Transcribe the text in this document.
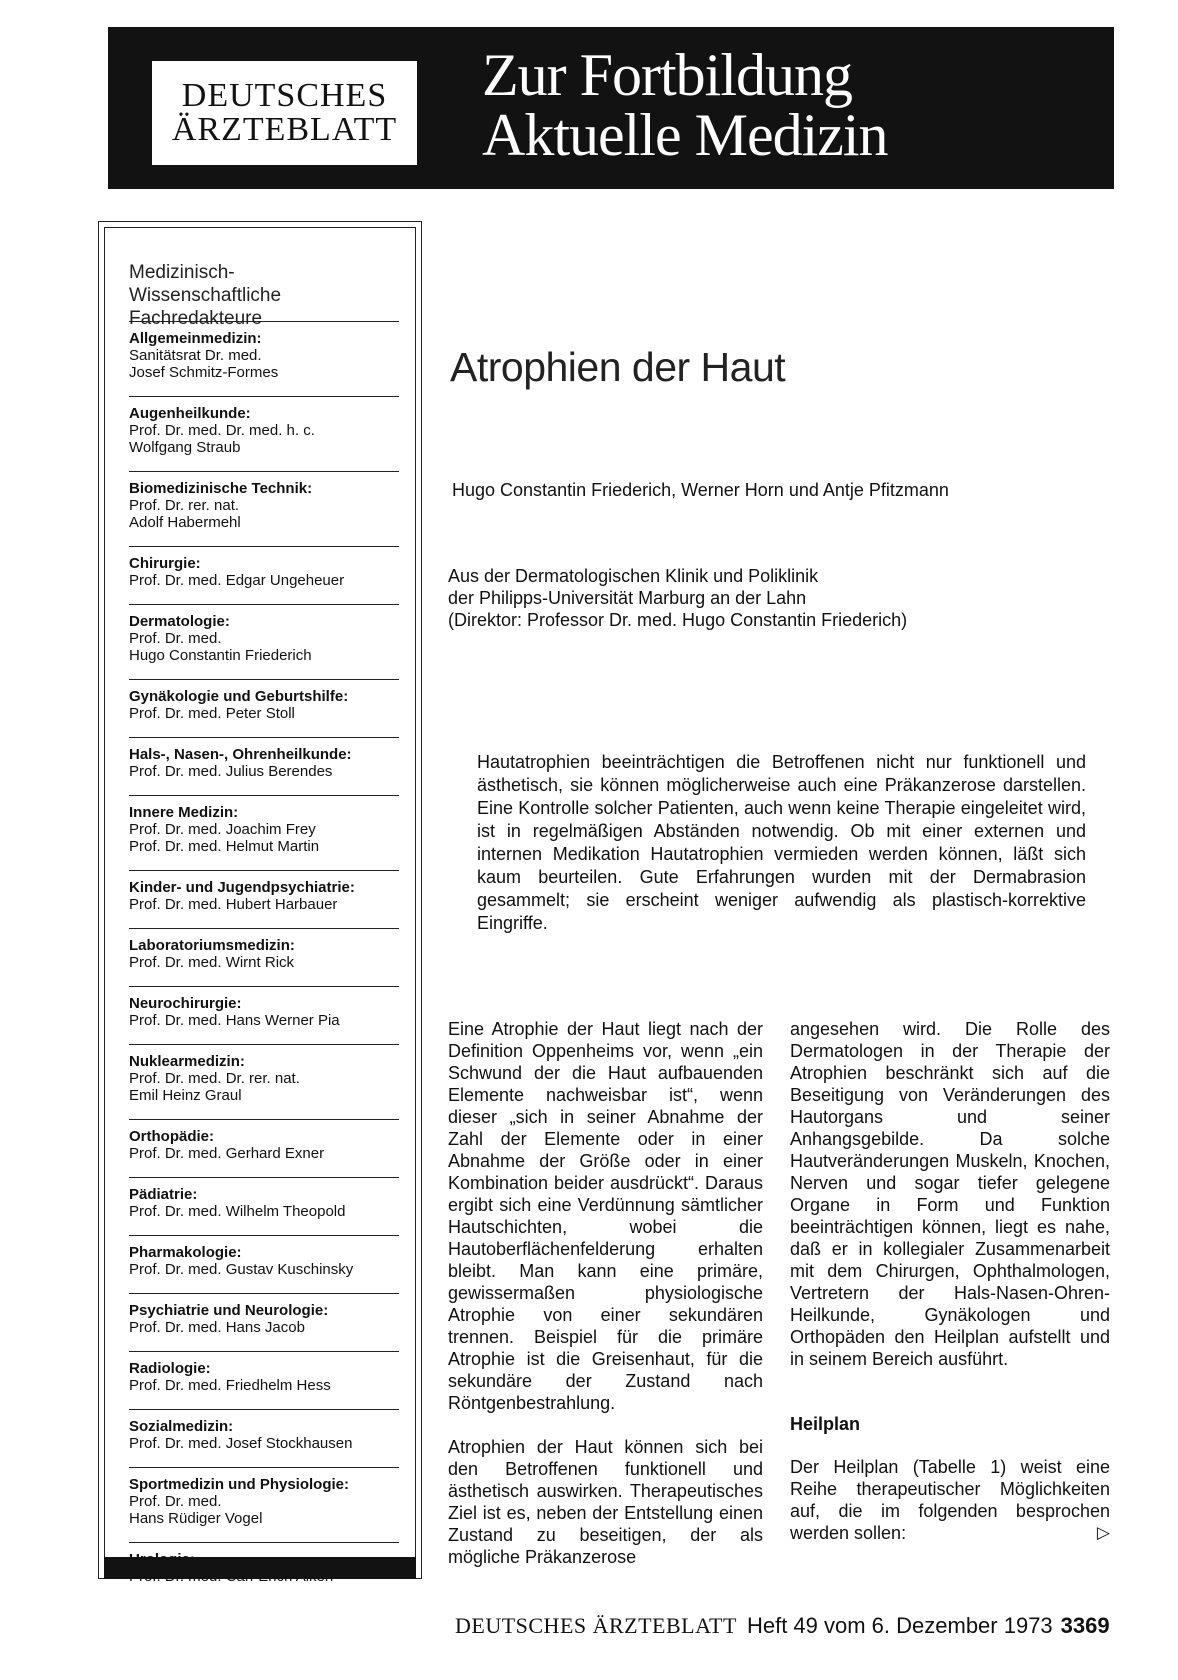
DEUTSCHES
ÄRZTEBLATT
Zur Fortbildung
Aktuelle Medizin
Medizinisch-
Wissenschaftliche
Fachredakteure
Allgemeinmedizin:
Sanitätsrat Dr. med.
Josef Schmitz-Formes
Augenheilkunde:
Prof. Dr. med. Dr. med. h. c.
Wolfgang Straub
Biomedizinische Technik:
Prof. Dr. rer. nat.
Adolf Habermehl
Chirurgie:
Prof. Dr. med. Edgar Ungeheuer
Dermatologie:
Prof. Dr. med.
Hugo Constantin Friederich
Gynäkologie und Geburtshilfe:
Prof. Dr. med. Peter Stoll
Hals-, Nasen-, Ohrenheilkunde:
Prof. Dr. med. Julius Berendes
Innere Medizin:
Prof. Dr. med. Joachim Frey
Prof. Dr. med. Helmut Martin
Kinder- und Jugendpsychiatrie:
Prof. Dr. med. Hubert Harbauer
Laboratoriumsmedizin:
Prof. Dr. med. Wirnt Rick
Neurochirurgie:
Prof. Dr. med. Hans Werner Pia
Nuklearmedizin:
Prof. Dr. med. Dr. rer. nat.
Emil Heinz Graul
Orthopädie:
Prof. Dr. med. Gerhard Exner
Pädiatrie:
Prof. Dr. med. Wilhelm Theopold
Pharmakologie:
Prof. Dr. med. Gustav Kuschinsky
Psychiatrie und Neurologie:
Prof. Dr. med. Hans Jacob
Radiologie:
Prof. Dr. med. Friedhelm Hess
Sozialmedizin:
Prof. Dr. med. Josef Stockhausen
Sportmedizin und Physiologie:
Prof. Dr. med.
Hans Rüdiger Vogel
Atrophien der Haut
Hugo Constantin Friederich, Werner Horn und Antje Pfitzmann
Aus der Dermatologischen Klinik und Poliklinik
der Philipps-Universität Marburg an der Lahn
(Direktor: Professor Dr. med. Hugo Constantin Friederich)
Hautatrophien beeinträchtigen die Betroffenen nicht nur funktionell und ästhetisch, sie können möglicherweise auch eine Präkanzerose darstellen. Eine Kontrolle solcher Patienten, auch wenn keine Therapie eingeleitet wird, ist in regelmäßigen Abständen notwendig. Ob mit einer externen und internen Medikation Hautatrophien vermieden werden können, läßt sich kaum beurteilen. Gute Erfahrungen wurden mit der Dermabrasion gesammelt; sie erscheint weniger aufwendig als plastisch-korrektive Eingriffe.

Eine Atrophie der Haut liegt nach der Definition Oppenheims vor, wenn „ein Schwund der die Haut aufbauenden Elemente nachweisbar ist“, wenn dieser „sich in seiner Abnahme der Zahl der Elemente oder in einer Abnahme der Größe oder in einer Kombination beider ausdrückt“. Daraus ergibt sich eine Verdünnung sämtlicher Hautschichten, wobei die Hautoberflächenfelderung erhalten bleibt. Man kann eine primäre, gewissermaßen physiologische Atrophie von einer sekundären trennen. Beispiel für die primäre Atrophie ist die Greisenhaut, für die sekundäre der Zustand nach Röntgenbestrahlung.

Atrophien der Haut können sich bei den Betroffenen funktionell und ästhetisch auswirken. Therapeutisches Ziel ist es, neben der Entstellung einen Zustand zu beseitigen, der als mögliche Präkanzerose

angesehen wird. Die Rolle des Dermatologen in der Therapie der Atrophien beschränkt sich auf die Beseitigung von Veränderungen des Hautorgans und seiner Anhangsgebilde. Da solche Hautveränderungen Muskeln, Knochen, Nerven und sogar tiefer gelegene Organe in Form und Funktion beeinträchtigen können, liegt es nahe, daß er in kollegialer Zusammenarbeit mit dem Chirurgen, Ophthalmologen, Vertretern der Hals-Nasen-Ohren-Heilkunde, Gynäkologen und Orthopäden den Heilplan aufstellt und in seinem Bereich ausführt.

Heilplan

Der Heilplan (Tabelle 1) weist eine Reihe therapeutischer Möglichkeiten auf, die im folgenden besprochen werden sollen:	▷

DEUTSCHES ÄRZTEBLATT Heft 49 vom 6. Dezember 1973 3369
